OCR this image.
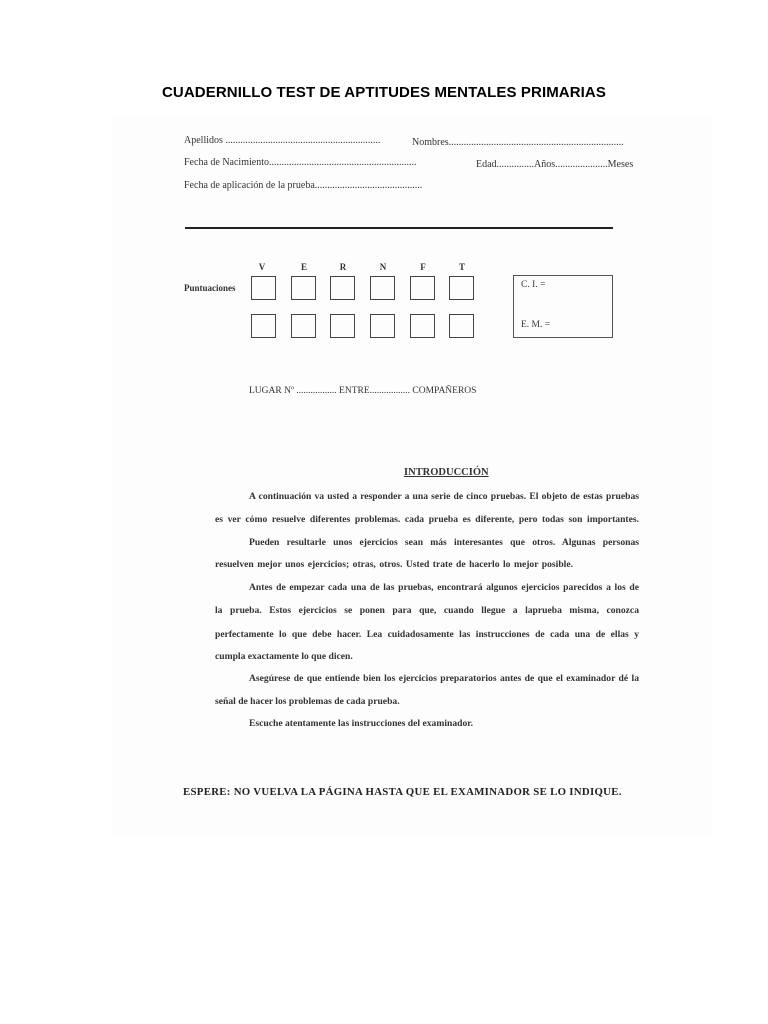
CUADERNILLO TEST DE APTITUDES MENTALES PRIMARIAS
Apellidos ..............................................................	Nombres......................................................................
Fecha de Nacimiento...........................................................	Edad...............Años.....................Meses
Fecha de aplicación de la prueba...........................................
Puntuaciones
V	E	R	N	F	T
C. I. =
E. M. =
LUGAR Nº ................. ENTRE................. COMPAÑEROS
INTRODUCCIÓN
A continuación va usted a responder a una serie de cinco pruebas. El objeto de estas pruebas
es ver cómo resuelve diferentes problemas. cada prueba es diferente, pero todas son importantes.
Pueden resultarle unos ejercicios sean más interesantes que otros. Algunas personas
resuelven mejor unos ejercicios; otras, otros. Usted trate de hacerlo lo mejor posible.
Antes de empezar cada una de las pruebas, encontrará algunos ejercicios parecidos a los de
la prueba. Estos ejercicios se ponen para que, cuando llegue a laprueba misma, conozca
perfectamente lo que debe hacer. Lea cuidadosamente las instrucciones de cada una de ellas y
cumpla exactamente lo que dicen.
Asegúrese de que entiende bien los ejercicios preparatorios antes de que el examinador dé la
señal de hacer los problemas de cada prueba.
Escuche atentamente las instrucciones del examinador.
ESPERE: NO VUELVA LA PÁGINA HASTA QUE EL EXAMINADOR SE LO INDIQUE.
